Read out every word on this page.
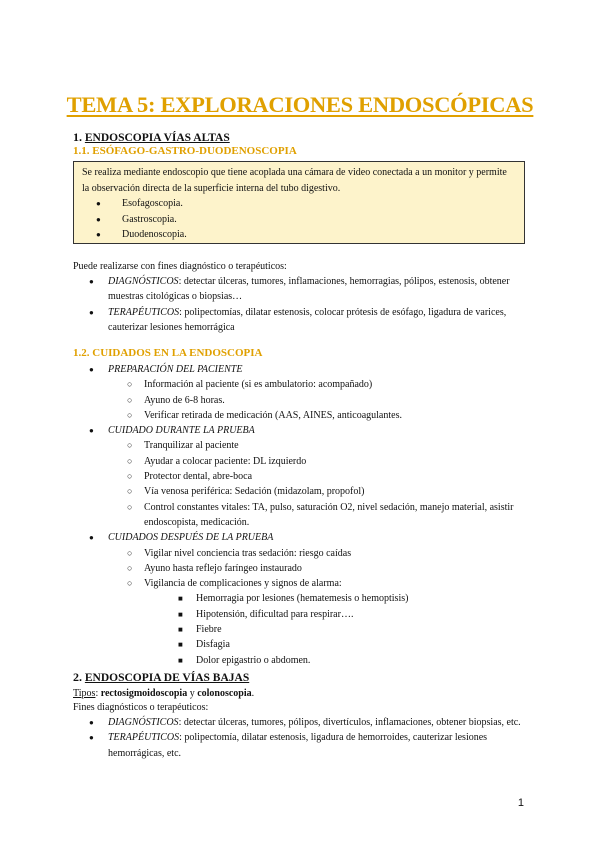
TEMA 5: EXPLORACIONES ENDOSCÓPICAS
1. ENDOSCOPIA VÍAS ALTAS
1.1. ESÓFAGO-GASTRO-DUODENOSCOPIA
Se realiza mediante endoscopio que tiene acoplada una cámara de video conectada a un monitor y permite la observación directa de la superficie interna del tubo digestivo.
● Esofagoscopia.
● Gastroscopia.
● Duodenoscopia.
Puede realizarse con fines diagnóstico o terapéuticos:
● DIAGNÓSTICOS: detectar úlceras, tumores, inflamaciones, hemorragias, pólipos, estenosis, obtener muestras citológicas o biopsias…
● TERAPÉUTICOS: polipectomías, dilatar estenosis, colocar prótesis de esófago, ligadura de varices, cauterizar lesiones hemorrágica
1.2. CUIDADOS EN LA ENDOSCOPIA
● PREPARACIÓN DEL PACIENTE
○ Información al paciente (si es ambulatorio: acompañado)
○ Ayuno de 6-8 horas.
○ Verificar retirada de medicación (AAS, AINES, anticoagulantes.
● CUIDADO DURANTE LA PRUEBA
○ Tranquilizar al paciente
○ Ayudar a colocar paciente: DL izquierdo
○ Protector dental, abre-boca
○ Vía venosa periférica: Sedación (midazolam, propofol)
○ Control constantes vitales: TA, pulso, saturación O2, nivel sedación, manejo material, asistir endoscopista, medicación.
● CUIDADOS DESPUÉS DE LA PRUEBA
○ Vigilar nivel conciencia tras sedación: riesgo caídas
○ Ayuno hasta reflejo faríngeo instaurado
○ Vigilancia de complicaciones y signos de alarma:
■ Hemorragia por lesiones (hematemesis o hemoptisis)
■ Hipotensión, dificultad para respirar….
■ Fiebre
■ Disfagia
■ Dolor epigastrio o abdomen.
2. ENDOSCOPIA DE VÍAS BAJAS
Tipos: rectosigmoidoscopia y colonoscopia.
Fines diagnósticos o terapéuticos:
● DIAGNÓSTICOS: detectar úlceras, tumores, pólipos, divertículos, inflamaciones, obtener biopsias, etc.
● TERAPÉUTICOS: polipectomía, dilatar estenosis, ligadura de hemorroides, cauterizar lesiones hemorrágicas, etc.
1
